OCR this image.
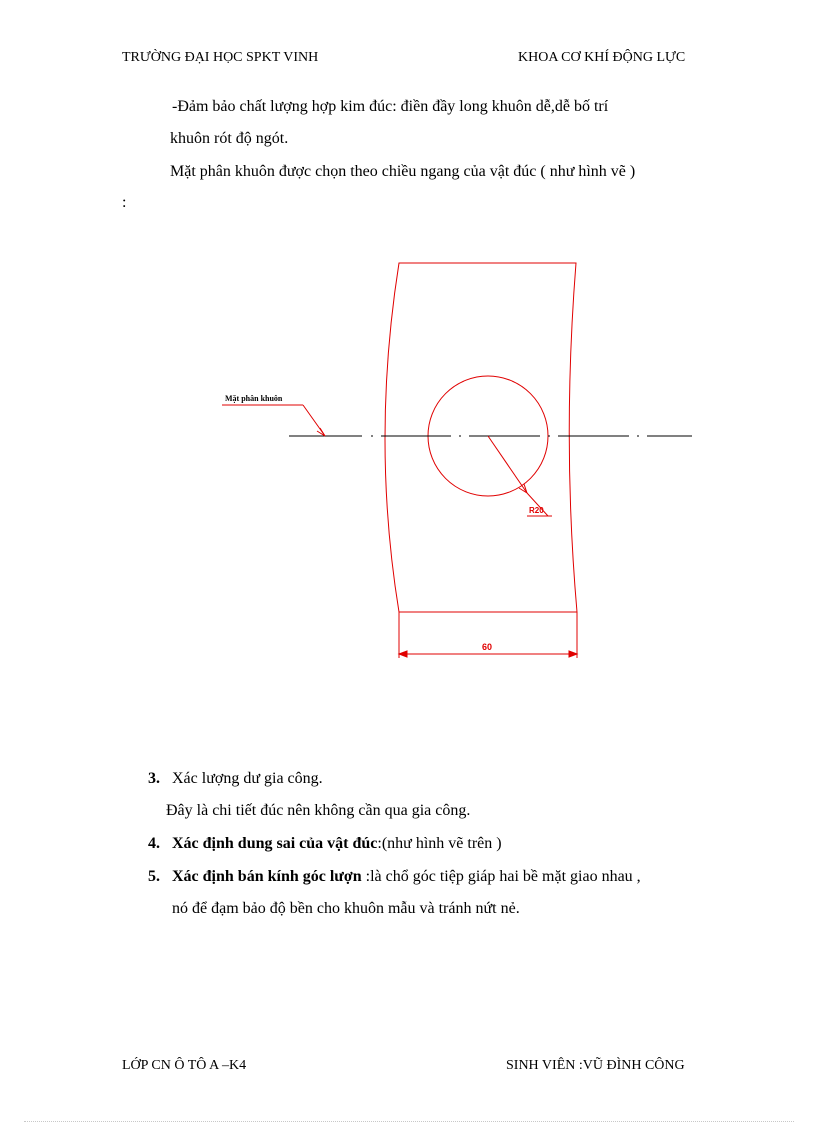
TRƯỜNG ĐẠI HỌC SPKT VINH	KHOA CƠ KHÍ ĐỘNG LỰC
-Đảm bảo chất lượng hợp kim đúc: điền đầy long khuôn dễ,dễ bố trí
khuôn rót độ ngót.
Mặt phân khuôn được chọn theo chiều ngang của vật đúc ( như hình vẽ )
:
Mặt phân khuôn
R20
60
3. Xác lượng dư gia công.
Đây là chi tiết đúc nên không cần qua gia công.
4. Xác định dung sai của vật đúc:(như hình vẽ trên )
5. Xác định bán kính góc lượn :là chổ góc tiệp giáp hai bề mặt giao nhau ,
nó để đạm bảo độ bền cho khuôn mẫu và tránh nứt nẻ.
LỚP CN Ô TÔ A –K4	SINH VIÊN :VŨ ĐÌNH CÔNG
